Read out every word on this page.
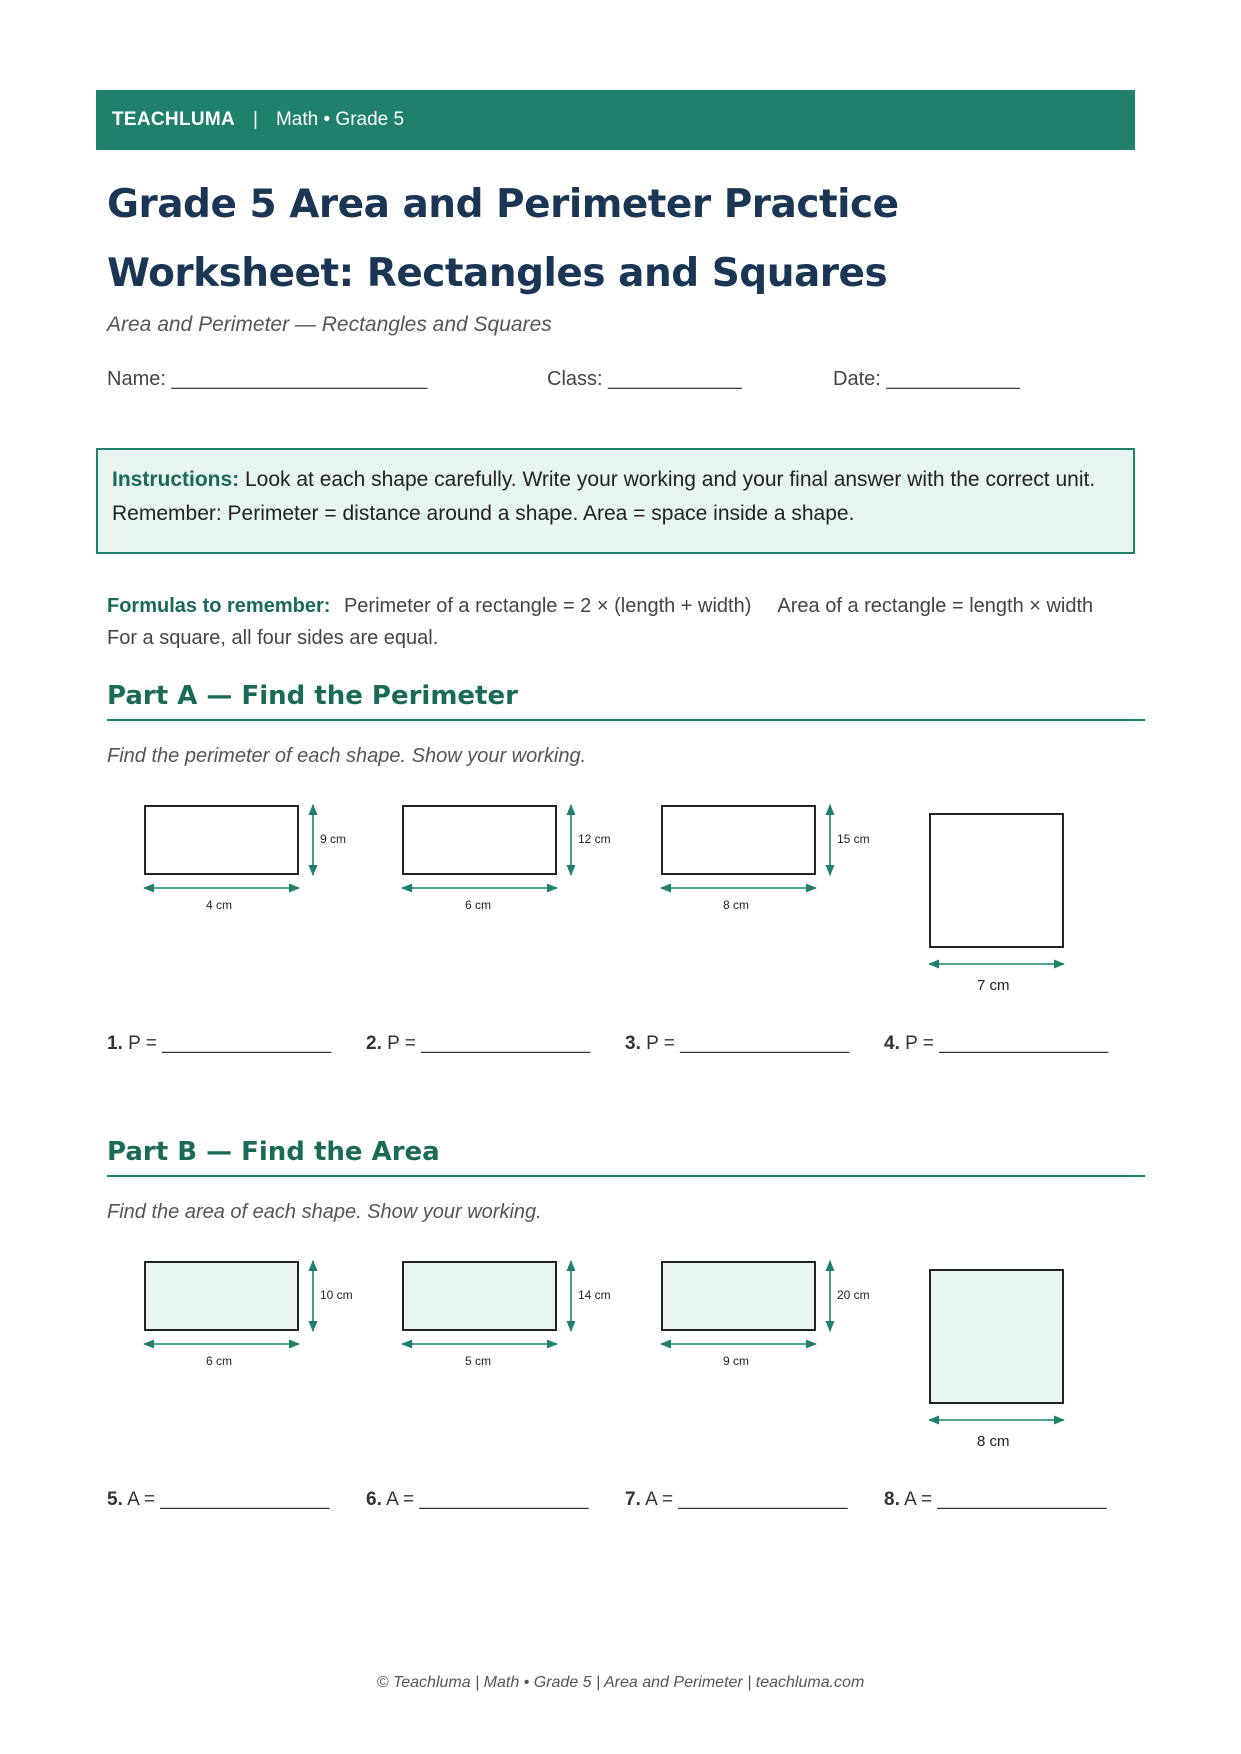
TEACHLUMA | Math • Grade 5
Grade 5 Area and Perimeter Practice Worksheet: Rectangles and Squares
Area and Perimeter — Rectangles and Squares
Name: _______________________	Class: ____________	Date: ____________
Instructions: Look at each shape carefully. Write your working and your final answer with the correct unit. Remember: Perimeter = distance around a shape. Area = space inside a shape.
Formulas to remember: Perimeter of a rectangle = 2 × (length + width) Area of a rectangle = length × width
For a square, all four sides are equal.
Part A — Find the Perimeter
Find the perimeter of each shape. Show your working.
9 cm	12 cm	15 cm
4 cm	6 cm	8 cm
7 cm
1. P = ________________ 2. P = ________________ 3. P = ________________ 4. P = ________________
Part B — Find the Area
Find the area of each shape. Show your working.
10 cm	14 cm	20 cm
6 cm	5 cm	9 cm
8 cm
5. A = ________________ 6. A = ________________ 7. A = ________________ 8. A = ________________
© Teachluma | Math • Grade 5 | Area and Perimeter | teachluma.com
